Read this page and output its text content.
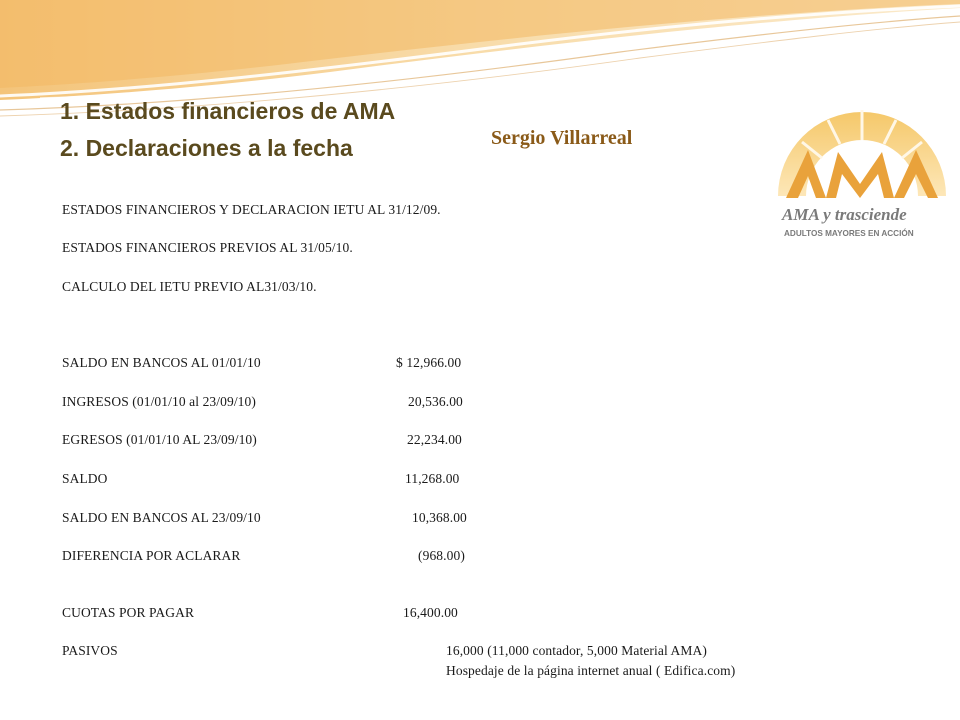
1. Estados financieros de AMA
2. Declaraciones a la fecha	Sergio Villarreal
AMA y trasciende
ADULTOS MAYORES EN ACCIÓN
ESTADOS FINANCIEROS Y DECLARACION IETU AL 31/12/09.
ESTADOS FINANCIEROS PREVIOS AL 31/05/10.
CALCULO DEL IETU PREVIO AL31/03/10.
SALDO EN BANCOS AL 01/01/10	$ 12,966.00
INGRESOS (01/01/10 al 23/09/10)	20,536.00
EGRESOS (01/01/10 AL 23/09/10)	22,234.00
SALDO	11,268.00
SALDO EN BANCOS AL 23/09/10	10,368.00
DIFERENCIA POR ACLARAR	(968.00)
CUOTAS POR PAGAR	16,400.00
PASIVOS	16,000 (11,000 contador, 5,000 Material AMA)
Hospedaje de la página internet anual ( Edifica.com)
